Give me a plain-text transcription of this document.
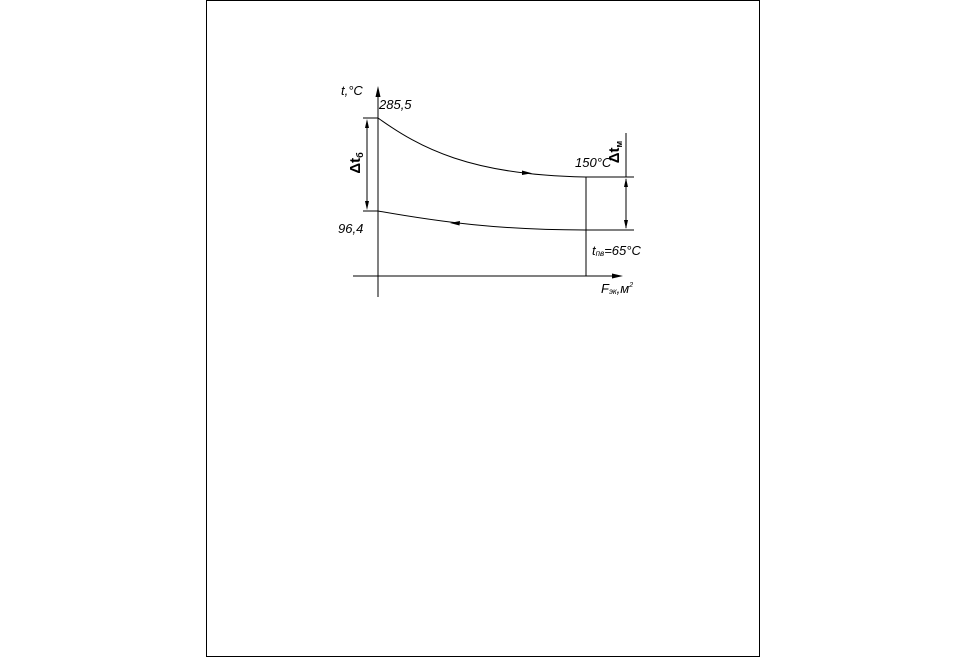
$\Delta t_б$	$\Delta t_м$
t,°C
285,5
96,4
150°C
tпв=65°C
$Fэк,м^2$
